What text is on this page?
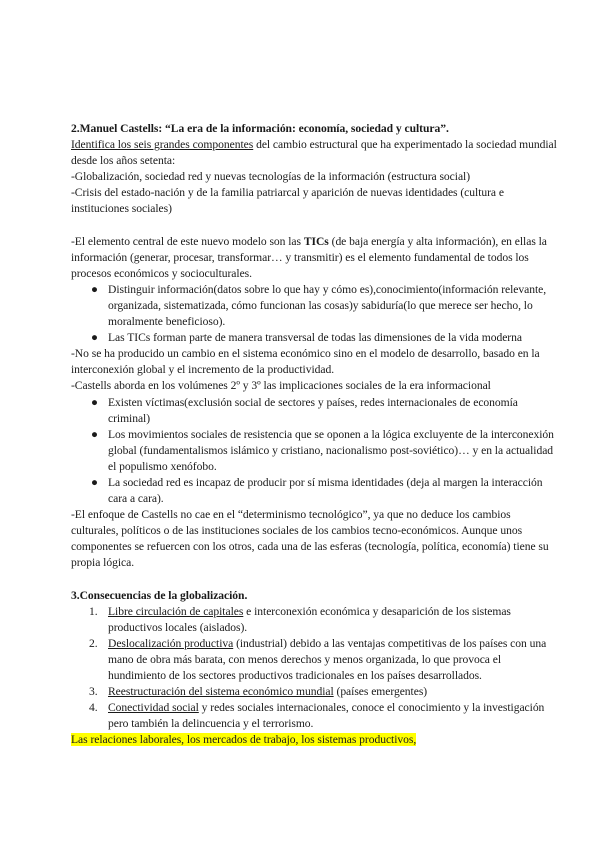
2.Manuel Castells: “La era de la información: economía, sociedad y cultura”.

Identifica los seis grandes componentes del cambio estructural que ha experimentado la sociedad mundial desde los años setenta:

-Globalización, sociedad red y nuevas tecnologías de la información (estructura social)

-Crisis del estado-nación y de la familia patriarcal y aparición de nuevas identidades (cultura e instituciones sociales)

-El elemento central de este nuevo modelo son las TICs (de baja energía y alta información), en ellas la información (generar, procesar, transformar… y transmitir) es el elemento fundamental de todos los procesos económicos y socioculturales.

● Distinguir información(datos sobre lo que hay y cómo es),conocimiento(información relevante, organizada, sistematizada, cómo funcionan las cosas)y sabiduría(lo que merece ser hecho, lo moralmente beneficioso).
● Las TICs forman parte de manera transversal de todas las dimensiones de la vida moderna

-No se ha producido un cambio en el sistema económico sino en el modelo de desarrollo, basado en la interconexión global y el incremento de la productividad.

-Castells aborda en los volúmenes 2º y 3º las implicaciones sociales de la era informacional

● Existen víctimas(exclusión social de sectores y países, redes internacionales de economía criminal)
● Los movimientos sociales de resistencia que se oponen a la lógica excluyente de la interconexión global (fundamentalismos islámico y cristiano, nacionalismo post-soviético)… y en la actualidad el populismo xenófobo.
● La sociedad red es incapaz de producir por sí misma identidades (deja al margen la interacción cara a cara).

-El enfoque de Castells no cae en el “determinismo tecnológico”, ya que no deduce los cambios culturales, políticos o de las instituciones sociales de los cambios tecno-económicos. Aunque unos componentes se refuercen con los otros, cada una de las esferas (tecnología, política, economía) tiene su propia lógica.

3.Consecuencias de la globalización.

1. Libre circulación de capitales e interconexión económica y desaparición de los sistemas productivos locales (aislados).
2. Deslocalización productiva (industrial) debido a las ventajas competitivas de los países con una mano de obra más barata, con menos derechos y menos organizada, lo que provoca el hundimiento de los sectores productivos tradicionales en los países desarrollados.
3. Reestructuración del sistema económico mundial (países emergentes)
4. Conectividad social y redes sociales internacionales, conoce el conocimiento y la investigación pero también la delincuencia y el terrorismo.

Las relaciones laborales, los mercados de trabajo, los sistemas productivos,
